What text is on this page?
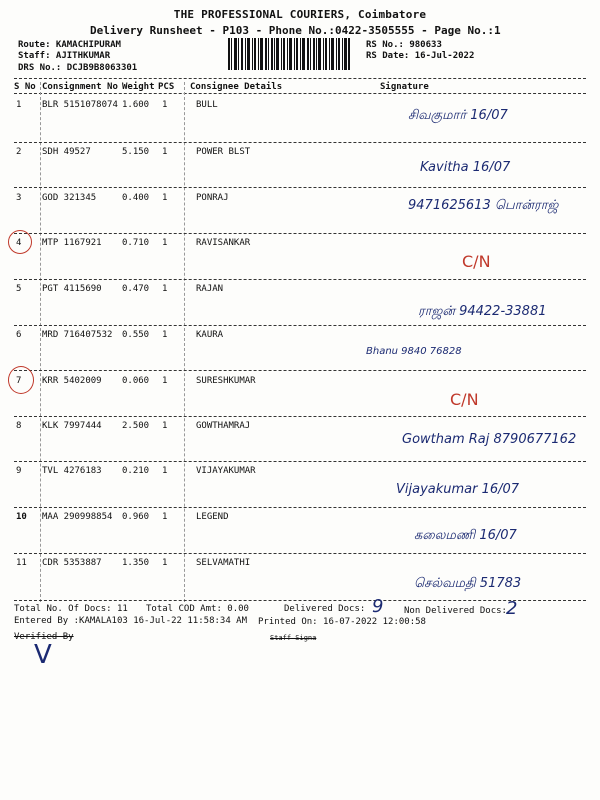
THE PROFESSIONAL COURIERS, Coimbatore
Delivery Runsheet - P103 - Phone No.:0422-3505555 - Page No.:1
Route: KAMACHIPURAM
Staff: AJITHKUMAR
DRS No.: DCJB9B8063301
RS No.: 980633
RS Date: 16-Jul-2022
S No Consignment No Weight PCS Consignee Details	Signature
1 BLR 5151078074 1.600 1	BULL
சிவகுமார் 16/07
2 SDH 49527	5.150 1	POWER BLST
Kavitha 16/07
3 GOD 321345	0.400 1	PONRAJ	9471625613 பொன்ராஜ்
4 MTP 1167921 0.710 1	RAVISANKAR
C/N
5 PGT 4115690 0.470 1	RAJAN
ராஜன் 94422-33881
6 MRD 716407532 0.550 1	KAURA
Bhanu 9840 76828
7 KRR 5402009 0.060 1	SURESHKUMAR
C/N
8 KLK 7997444 2.500 1	GOWTHAMRAJ
Gowtham Raj 8790677162
9 TVL 4276183 0.210 1	VIJAYAKUMAR
Vijayakumar 16/07
10 MAA 290998854 0.960 1	LEGEND
கலைமணி 16/07
11 CDR 5353887 1.350 1	SELVAMATHI
செல்வமதி 51783
Total No. Of Docs: 11 Total COD Amt: 0.00	Delivered Docs: 9 Non Delivered Docs: 2
Entered By :KAMALA103 16-Jul-22 11:58:34 AM Printed On: 16-07-2022 12:00:58
Verified By	Staff Signa
V
